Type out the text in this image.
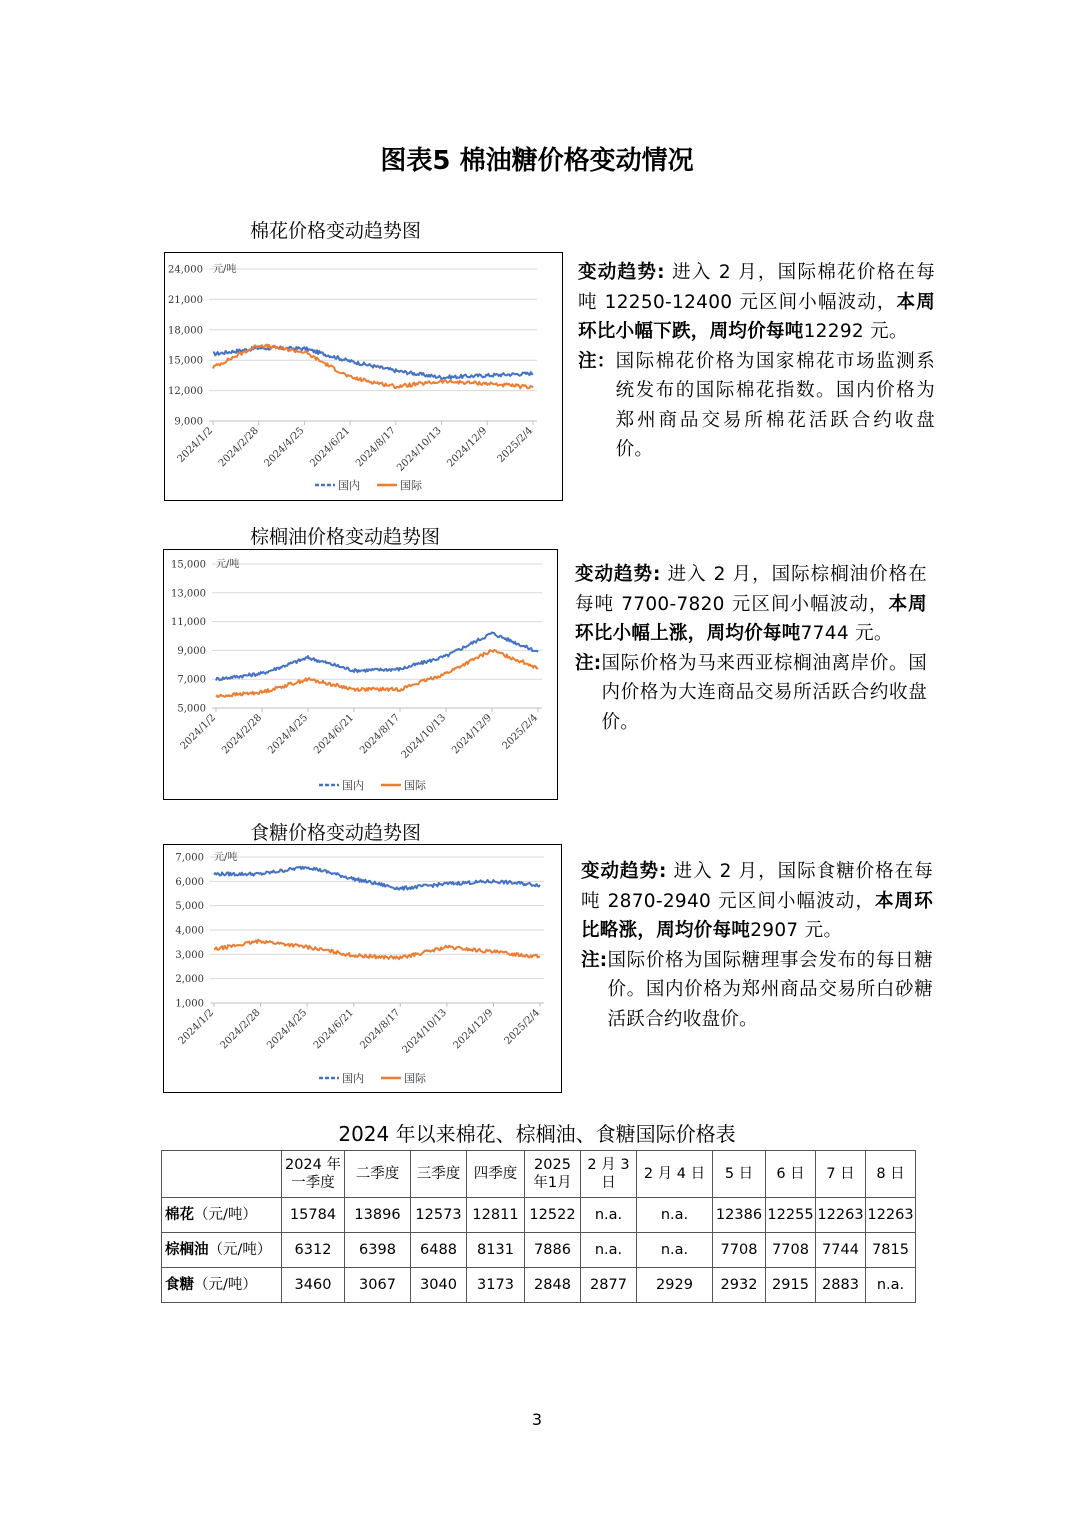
图表5 棉油糖价格变动情况
棉花价格变动趋势图
24,000
21,000
18,000
15,000
12,000
9,000
元/吨
2024/1/2 2024/2/28 2024/4/25 2024/6/21 2024/8/17
2024/10/13 2024/12/9 2025/2/4
国内	国际

变动趋势: 进入 2 月，国际棉花价格在每吨 12250-12400 元区间小幅波动，本周环比小幅下跌，周均价每吨12292 元。

注： 国际棉花价格为国家棉花市场监测系统发布的国际棉花指数。国内价格为郑州商品交易所棉花活跃合约收盘价。
棕榈油价格变动趋势图
15,000
13,000
11,000
9,000
7,000
5,000
元/吨
2024/1/2 2024/2/28 2024/4/25 2024/6/21 2024/8/17
2024/10/13 2024/12/9 2025/2/4
国内	国际

变动趋势: 进入 2 月，国际棕榈油价格在每吨 7700-7820 元区间小幅波动，本周环比小幅上涨，周均价每吨7744 元。

注: 国际价格为马来西亚棕榈油离岸价。国内价格为大连商品交易所活跃合约收盘价。
食糖价格变动趋势图
7,000
6,000
5,000
4,000
3,000
2,000
1,000
元/吨
2024/1/2 2024/2/28 2024/4/25 2024/6/21 2024/8/17
2024/10/13 2024/12/9 2025/2/4
国内	国际

变动趋势: 进入 2 月，国际食糖价格在每吨 2870-2940 元区间小幅波动，本周环比略涨，周均价每吨2907 元。

注: 国际价格为国际糖理事会发布的每日糖价。国内价格为郑州商品交易所白砂糖活跃合约收盘价。
2024 年以来棉花、棕榈油、食糖国际价格表
	2024 年一季度	二季度	三季度	四季度	2025 年1月	2 月 3 日	2 月 4 日	5 日	6 日	7 日	8 日
棉花（元/吨）	15784	13896	12573	12811	12522	n.a.	n.a.	12386	12255	12263	12263
棕榈油（元/吨）	6312	6398	6488	8131	7886	n.a.	n.a.	7708	7708	7744	7815
食糖（元/吨）	3460	3067	3040	3173	2848	2877	2929	2932	2915	2883	n.a.
3
